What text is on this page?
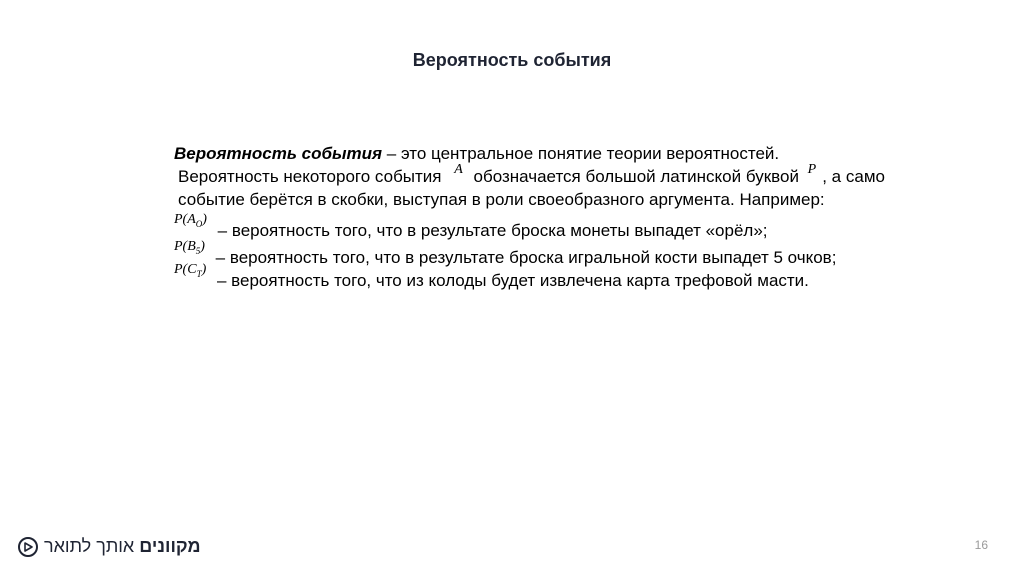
Вероятность события

Вероятность события – это центральное понятие теории вероятностей.

Вероятность некоторого события A обозначается большой латинской буквой P , а само событие берётся в скобки, выступая в роли своеобразного аргумента. Например:

$P(A_O)$ – вероятность того, что в результате броска монеты выпадет «орёл»;

$P(B_5)$ – вероятность того, что в результате броска игральной кости выпадет 5 очков;

$P(C_T)$ – вероятность того, что из колоды будет извлечена карта трефовой масти.

מקוונים אותך לתואר	16
